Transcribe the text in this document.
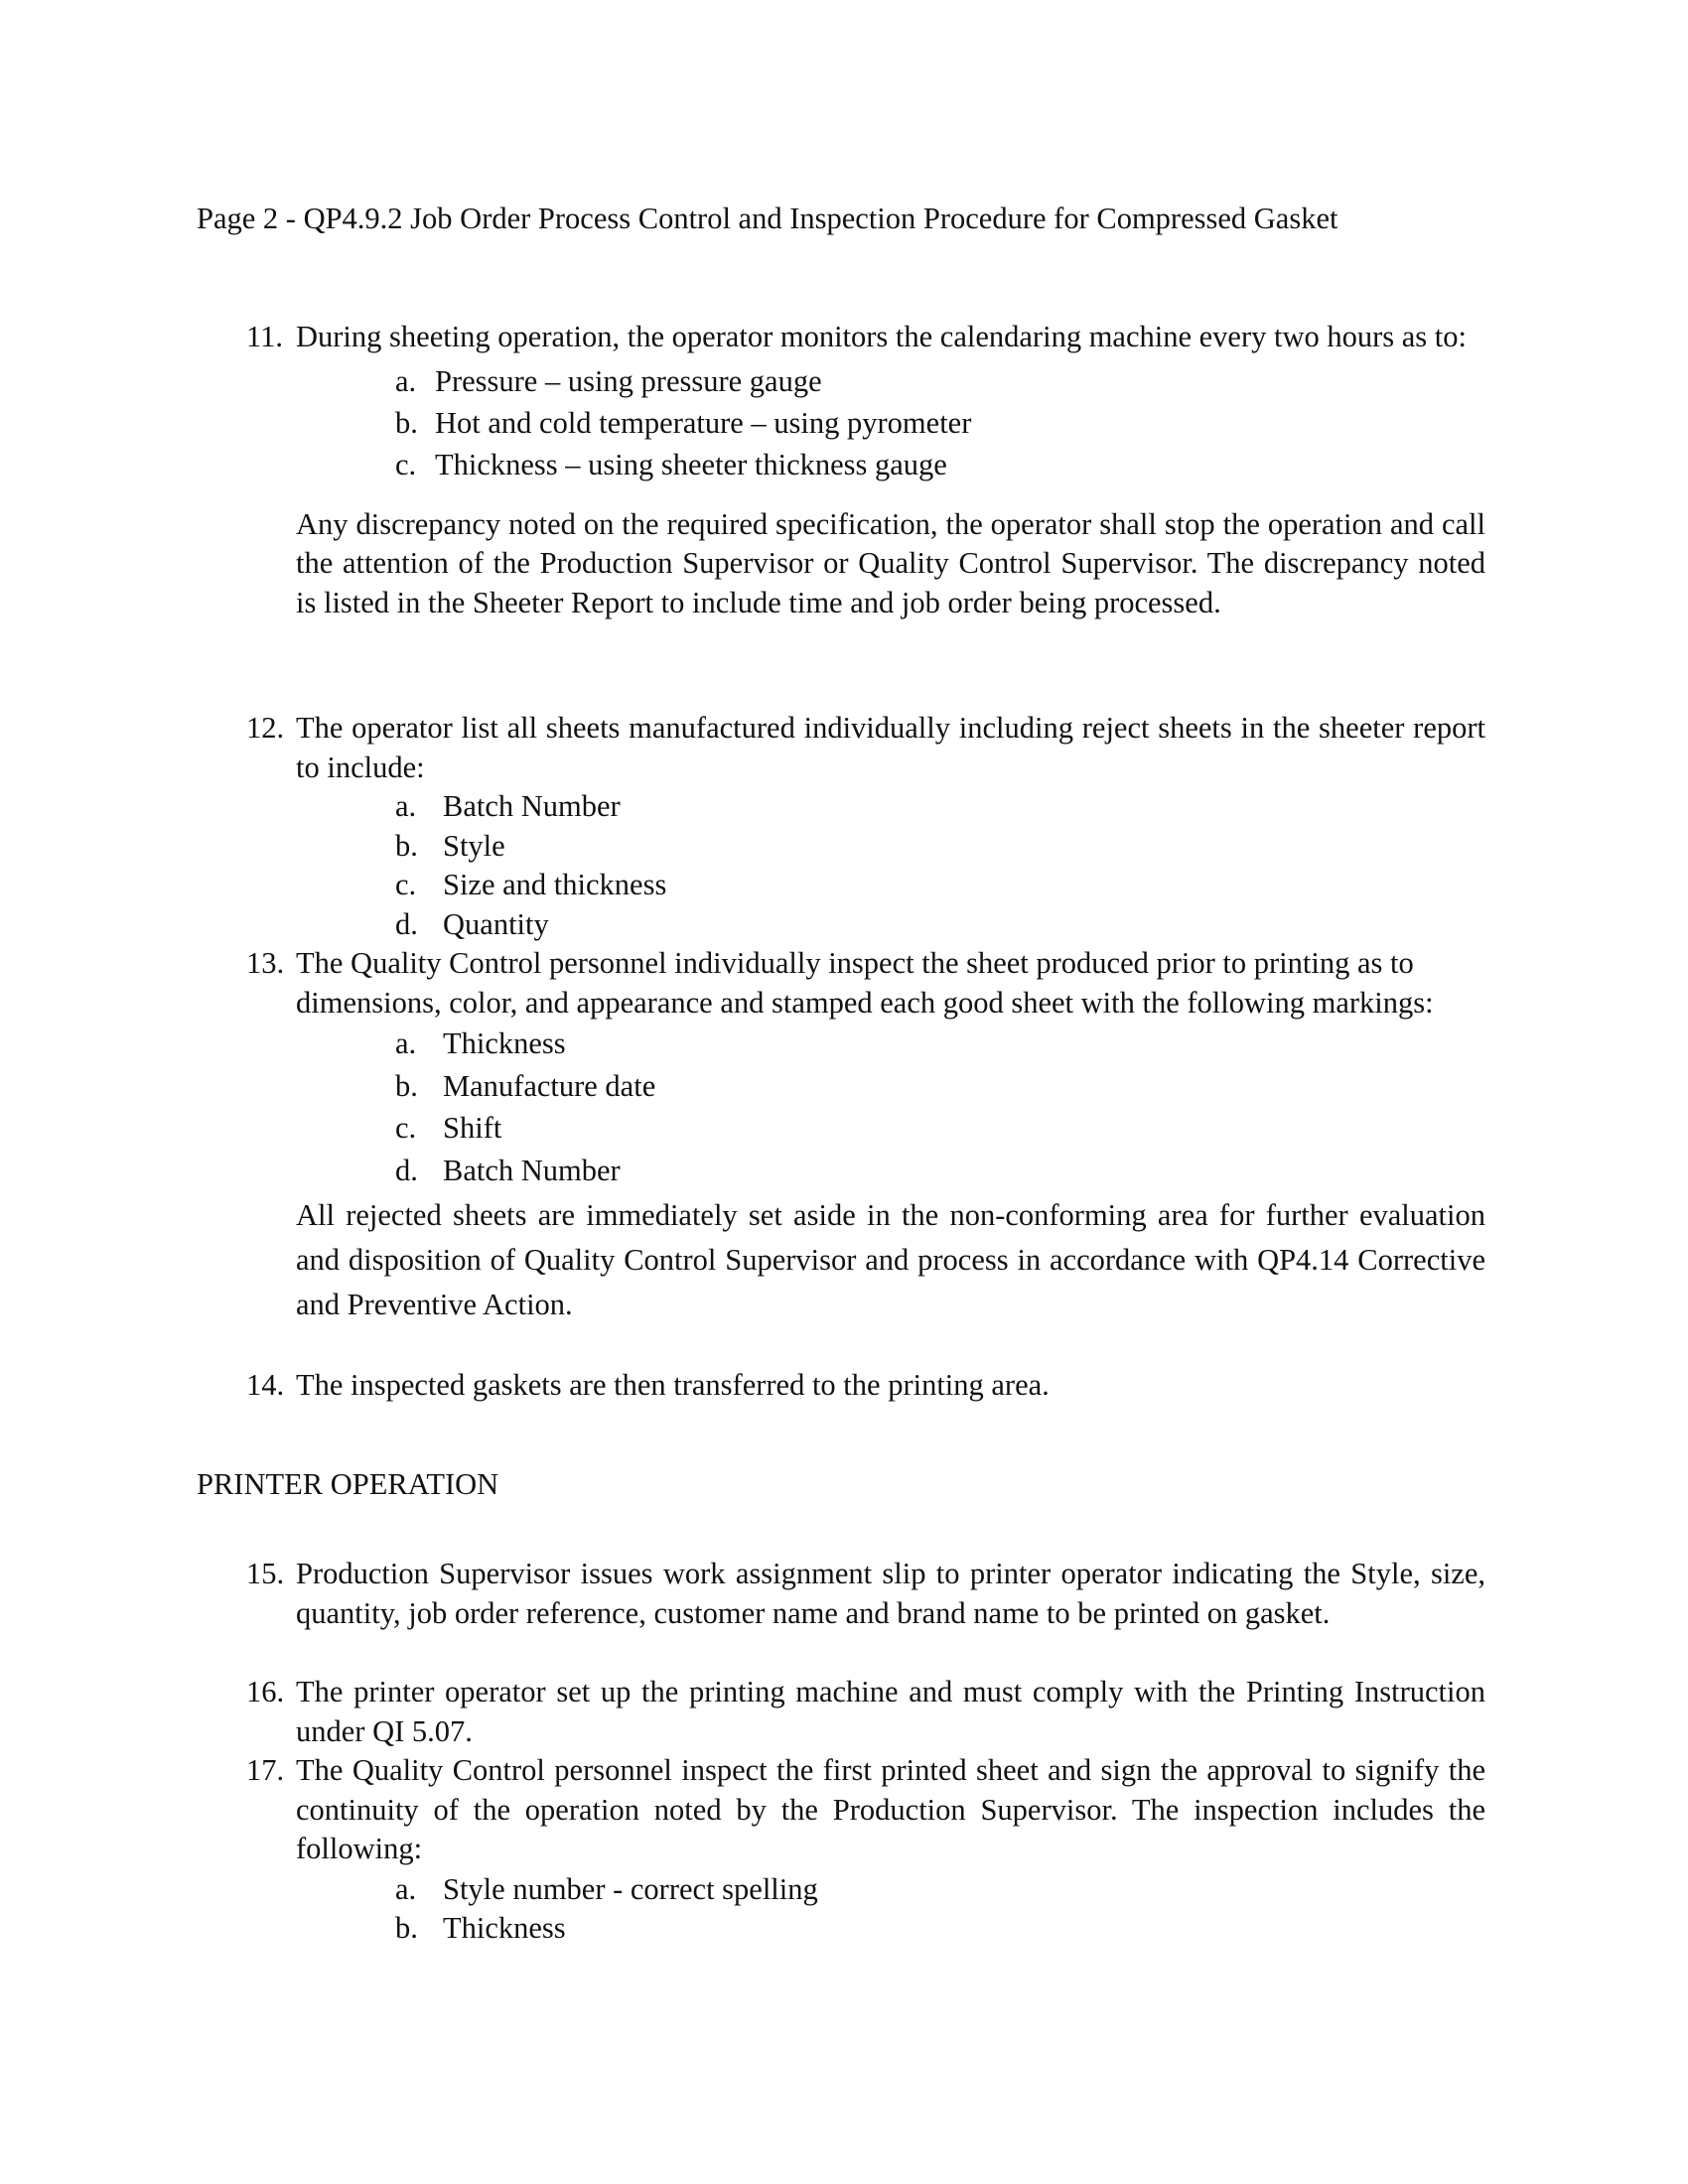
Page 2 - QP4.9.2 Job Order Process Control and Inspection Procedure for Compressed Gasket
11. During sheeting operation, the operator monitors the calendaring machine every two hours as to:
a. Pressure – using pressure gauge
b. Hot and cold temperature – using pyrometer
c. Thickness – using sheeter thickness gauge
Any discrepancy noted on the required specification, the operator shall stop the operation and call the attention of the Production Supervisor or Quality Control Supervisor. The discrepancy noted is listed in the Sheeter Report to include time and job order being processed.
12. The operator list all sheets manufactured individually including reject sheets in the sheeter report to include:
a. Batch Number
b. Style
c. Size and thickness
d. Quantity
13. The Quality Control personnel individually inspect the sheet produced prior to printing as to dimensions, color, and appearance and stamped each good sheet with the following markings:
a. Thickness
b. Manufacture date
c. Shift
d. Batch Number
All rejected sheets are immediately set aside in the non-conforming area for further evaluation and disposition of Quality Control Supervisor and process in accordance with QP4.14 Corrective and Preventive Action.
14. The inspected gaskets are then transferred to the printing area.
PRINTER OPERATION
15. Production Supervisor issues work assignment slip to printer operator indicating the Style, size, quantity, job order reference, customer name and brand name to be printed on gasket.
16. The printer operator set up the printing machine and must comply with the Printing Instruction under QI 5.07.
17. The Quality Control personnel inspect the first printed sheet and sign the approval to signify the continuity of the operation noted by the Production Supervisor. The inspection includes the following:
a. Style number - correct spelling
b. Thickness
